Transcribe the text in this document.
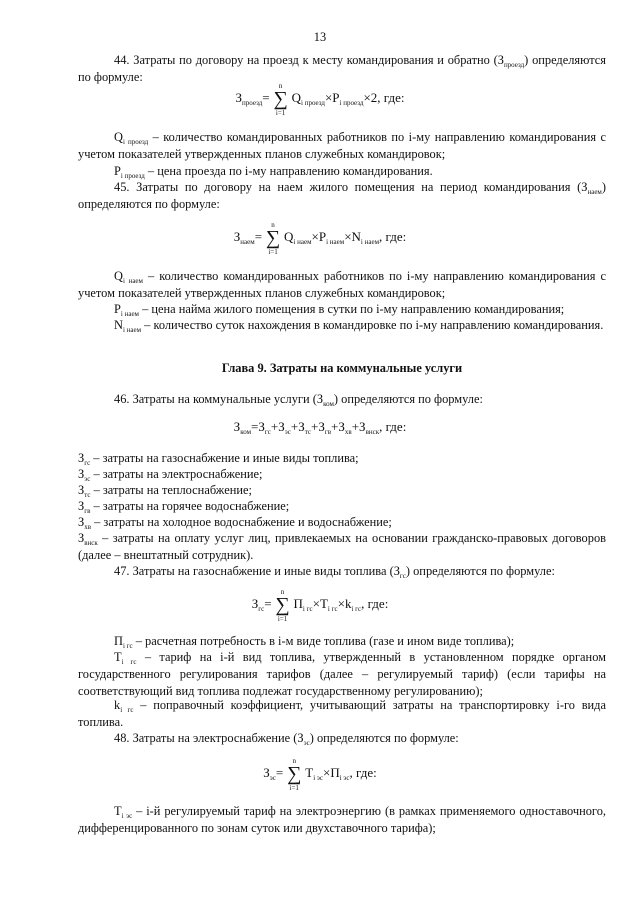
13

44. Затраты по договору на проезд к месту командирования и обратно $(З_{проезд})$ определяются по формуле:

$З_{проезд}=$
n
∑
i=1
$Q_{i проезд}\times P_{i проезд}\times 2$, где:

$Q_{i проезд}$ – количество командированных работников по i-му направлению командирования с учетом показателей утвержденных планов служебных командировок;

$P_{i проезд}$ – цена проезда по i-му направлению командирования.

45. Затраты по договору на наем жилого помещения на период командирования $(З_{наем})$ определяются по формуле:

$З_{наем}=$
n
∑
i=1
$Q_{i наем}\times P_{i наем}\times N_{i наем}$, где:

$Q_{i наем}$ – количество командированных работников по i-му направлению командирования с учетом показателей утвержденных планов служебных командировок;

$P_{i наем}$ – цена найма жилого помещения в сутки по i-му направлению командирования;

$N_{i наем}$ – количество суток нахождения в командировке по i-му направлению командирования.

Глава 9. Затраты на коммунальные услуги

46. Затраты на коммунальные услуги $(З_{ком})$ определяются по формуле:

$З_{ком}=З_{гс}+З_{эс}+З_{тс}+З_{гв}+З_{хв}+З_{внск}$, где:

$З_{гс}$ – затраты на газоснабжение и иные виды топлива;

$З_{эс}$ – затраты на электроснабжение;

$З_{тс}$ – затраты на теплоснабжение;

$З_{гв}$ – затраты на горячее водоснабжение;

$З_{хв}$ – затраты на холодное водоснабжение и водоснабжение;

$З_{внск}$ – затраты на оплату услуг лиц, привлекаемых на основании гражданско-правовых договоров (далее – внештатный сотрудник).

47. Затраты на газоснабжение и иные виды топлива $(З_{гс})$ определяются по формуле:

$З_{гс}=$
n
∑
i=1
$П_{i гс}\times Т_{i гс}\times k_{i гс}$, где:

$П_{i гс}$ – расчетная потребность в i-м виде топлива (газе и ином виде топлива);

$Т_{i гс}$ – тариф на i-й вид топлива, утвержденный в установленном порядке органом государственного регулирования тарифов (далее – регулируемый тариф) (если тарифы на соответствующий вид топлива подлежат государственному регулированию);

$k_{i гс}$ – поправочный коэффициент, учитывающий затраты на транспортировку i-го вида топлива.

48. Затраты на электроснабжение $(З_{эс})$ определяются по формуле:

$З_{эс}=$
n
∑
i=1
$Т_{i эс}\times П_{i эс}$, где:

$Т_{i эс} - i-й$ регулируемый тариф на электроэнергию (в рамках применяемого одноставочного, дифференцированного по зонам суток или двухставочного тарифа);
